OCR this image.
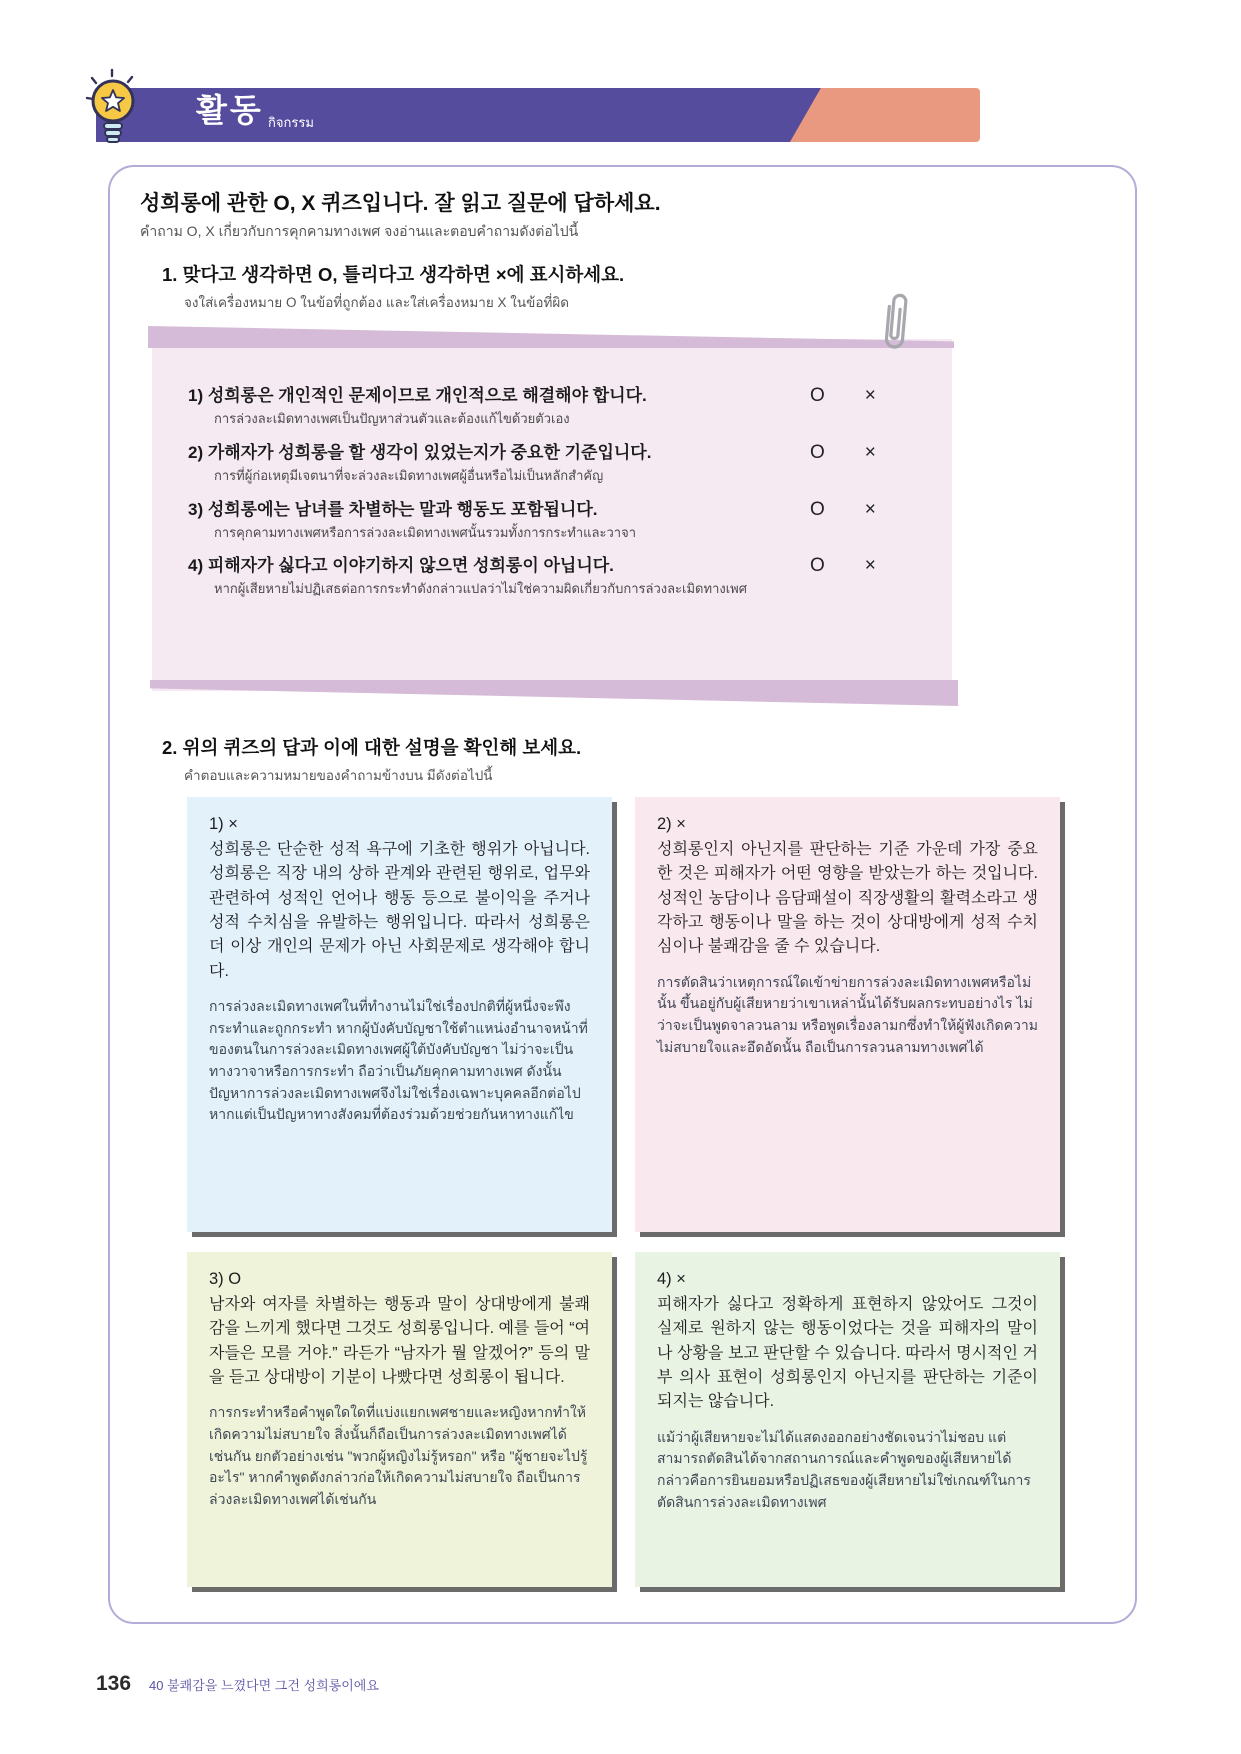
활동 กิจกรรม
성희롱에 관한 O, X 퀴즈입니다. 잘 읽고 질문에 답하세요.
คำถาม O, X เกี่ยวกับการคุกคามทางเพศ จงอ่านและตอบคำถามดังต่อไปนี้
1. 맞다고 생각하면 O, 틀리다고 생각하면 ×에 표시하세요.
จงใส่เครื่องหมาย O ในข้อที่ถูกต้อง และใส่เครื่องหมาย X ในข้อที่ผิด
1) 성희롱은 개인적인 문제이므로 개인적으로 해결해야 합니다.
การล่วงละเมิดทางเพศเป็นปัญหาส่วนตัวและต้องแก้ไขด้วยตัวเอง
O ×
2) 가해자가 성희롱을 할 생각이 있었는지가 중요한 기준입니다.
การที่ผู้ก่อเหตุมีเจตนาที่จะล่วงละเมิดทางเพศผู้อื่นหรือไม่เป็นหลักสำคัญ
O ×
3) 성희롱에는 남녀를 차별하는 말과 행동도 포함됩니다.
การคุกคามทางเพศหรือการล่วงละเมิดทางเพศนั้นรวมทั้งการกระทำและวาจา
O ×
4) 피해자가 싫다고 이야기하지 않으면 성희롱이 아닙니다.
หากผู้เสียหายไม่ปฏิเสธต่อการกระทำดังกล่าวแปลว่าไม่ใช่ความผิดเกี่ยวกับการล่วงละเมิดทางเพศ
O ×
2. 위의 퀴즈의 답과 이에 대한 설명을 확인해 보세요.
คำตอบและความหมายของคำถามข้างบน มีดังต่อไปนี้
1) ×

성희롱은 단순한 성적 욕구에 기초한 행위가 아닙니다. 성희롱은 직장 내의 상하 관계와 관련된 행위로, 업무와 관련하여 성적인 언어나 행동 등으로 불이익을 주거나 성적 수치심을 유발하는 행위입니다. 따라서 성희롱은 더 이상 개인의 문제가 아닌 사회문제로 생각해야 합니다.

การล่วงละเมิดทางเพศในที่ทำงานไม่ใช่เรื่องปกติที่ผู้หนึ่งจะพึงกระทำและถูกกระทำ หากผู้บังคับบัญชาใช้ตำแหน่งอำนาจหน้าที่ของตนในการล่วงละเมิดทางเพศผู้ใต้บังคับบัญชา ไม่ว่าจะเป็นทางวาจาหรือการกระทำ ถือว่าเป็นภัยคุกคามทางเพศ ดังนั้นปัญหาการล่วงละเมิดทางเพศจึงไม่ใช่เรื่องเฉพาะบุคคลอีกต่อไป หากแต่เป็นปัญหาทางสังคมที่ต้องร่วมด้วยช่วยกันหาทางแก้ไข

2) ×

성희롱인지 아닌지를 판단하는 기준 가운데 가장 중요한 것은 피해자가 어떤 영향을 받았는가 하는 것입니다. 성적인 농담이나 음담패설이 직장생활의 활력소라고 생각하고 행동이나 말을 하는 것이 상대방에게 성적 수치심이나 불쾌감을 줄 수 있습니다.

การตัดสินว่าเหตุการณ์ใดเข้าข่ายการล่วงละเมิดทางเพศหรือไม่นั้น ขึ้นอยู่กับผู้เสียหายว่าเขาเหล่านั้นได้รับผลกระทบอย่างไร ไม่ว่าจะเป็นพูดจาลวนลาม หรือพูดเรื่องลามกซึ่งทำให้ผู้ฟังเกิดความไม่สบายใจและอึดอัดนั้น ถือเป็นการลวนลามทางเพศได้

3) O

남자와 여자를 차별하는 행동과 말이 상대방에게 불쾌감을 느끼게 했다면 그것도 성희롱입니다. 예를 들어 “여자들은 모를 거야.” 라든가 “남자가 뭘 알겠어?” 등의 말을 듣고 상대방이 기분이 나빴다면 성희롱이 됩니다.

การกระทำหรือคำพูดใดใดที่แบ่งแยกเพศชายและหญิงหากทำให้เกิดความไม่สบายใจ สิ่งนั้นก็ถือเป็นการล่วงละเมิดทางเพศได้เช่นกัน ยกตัวอย่างเช่น "พวกผู้หญิงไม่รู้หรอก" หรือ "ผู้ชายจะไปรู้อะไร" หากคำพูดดังกล่าวก่อให้เกิดความไม่สบายใจ ถือเป็นการล่วงละเมิดทางเพศได้เช่นกัน

4) ×

피해자가 싫다고 정확하게 표현하지 않았어도 그것이 실제로 원하지 않는 행동이었다는 것을 피해자의 말이나 상황을 보고 판단할 수 있습니다. 따라서 명시적인 거부 의사 표현이 성희롱인지 아닌지를 판단하는 기준이 되지는 않습니다.

แม้ว่าผู้เสียหายจะไม่ได้แสดงออกอย่างชัดเจนว่าไม่ชอบ แต่สามารถตัดสินได้จากสถานการณ์และคำพูดของผู้เสียหายได้ กล่าวคือการยินยอมหรือปฏิเสธของผู้เสียหายไม่ใช่เกณฑ์ในการตัดสินการล่วงละเมิดทางเพศ

136 40 불쾌감을 느꼈다면 그건 성희롱이에요
